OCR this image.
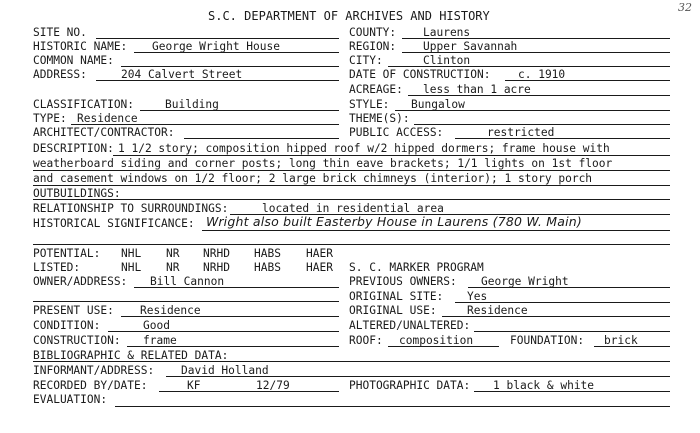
S.C. DEPARTMENT OF ARCHIVES AND HISTORY
32
SITE NO.	COUNTY: Laurens
HISTORIC NAME: George Wright House	REGION: Upper Savannah
COMMON NAME:	CITY:	Clinton
ADDRESS:	204 Calvert Street	DATE OF CONSTRUCTION: c. 1910
ACREAGE: less than 1 acre
CLASSIFICATION:	Building	STYLE: Bungalow
TYPE: Residence	THEME(S):
ARCHITECT/CONTRACTOR:	PUBLIC ACCESS:	restricted
DESCRIPTION: 1 1/2 story; composition hipped roof w/2 hipped dormers; frame house with
weatherboard siding and corner posts; long thin eave brackets; 1/1 lights on 1st floor
and casement windows on 1/2 floor; 2 large brick chimneys (interior); 1 story porch
OUTBUILDINGS:
RELATIONSHIP TO SURROUNDINGS:	located in residential area
HISTORICAL SIGNIFICANCE: Wright also built Easterby House in Laurens (780 W. Main)
POTENTIAL: NHL NR NRHD HABS HAER
LISTED:	NHL NR NRHD HABS HAER S. C. MARKER PROGRAM
OWNER/ADDRESS: Bill Cannon	PREVIOUS OWNERS: George Wright
ORIGINAL SITE: Yes
PRESENT USE: Residence	ORIGINAL USE:	Residence
CONDITION:	Good	ALTERED/UNALTERED:
CONSTRUCTION: frame	ROOF: composition	FOUNDATION: brick
BIBLIOGRAPHIC & RELATED DATA:
INFORMANT/ADDRESS: David Holland
RECORDED BY/DATE:	KF	12/79	PHOTOGRAPHIC DATA: 1 black & white
EVALUATION:
